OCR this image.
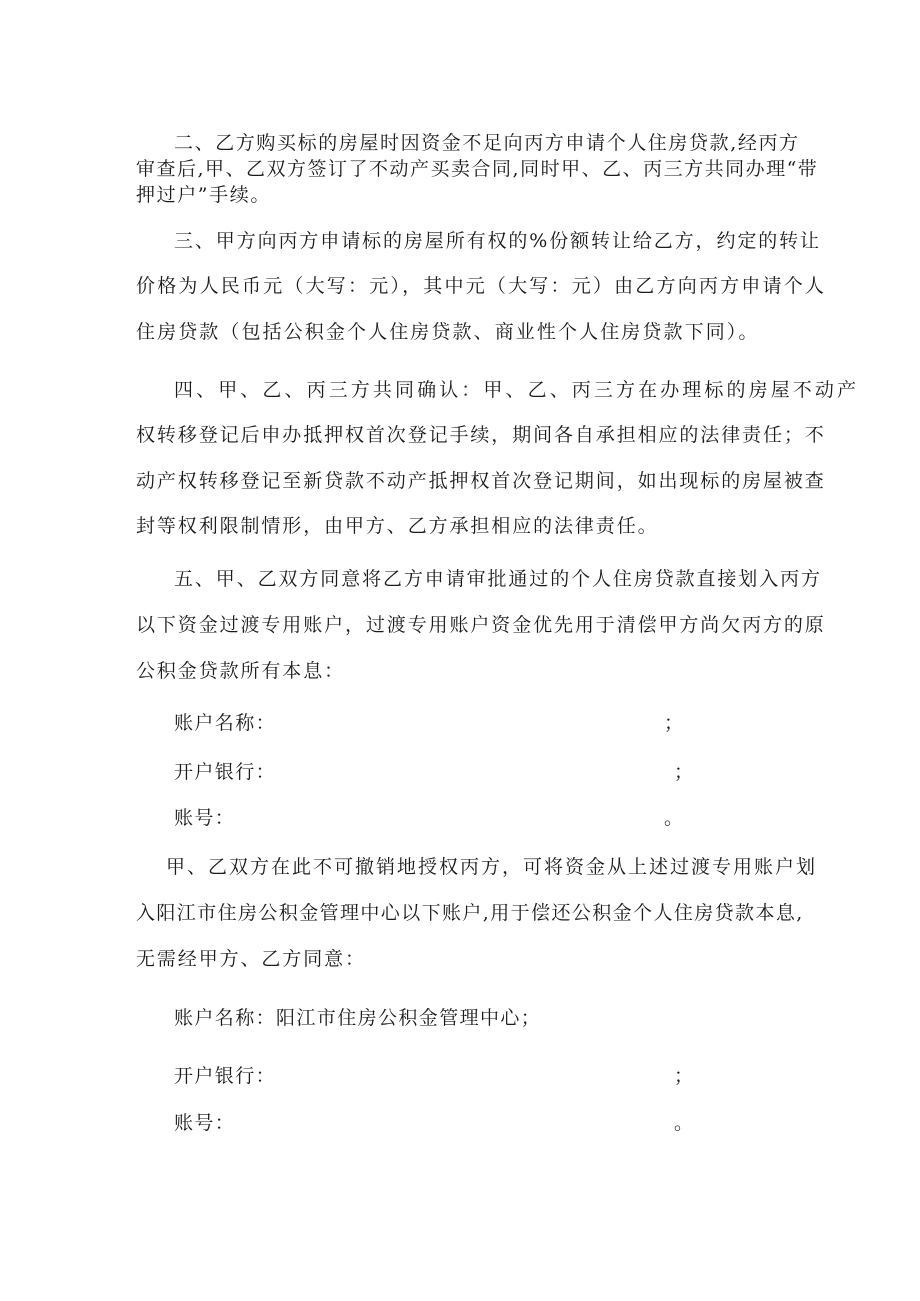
二、乙方购买标的房屋时因资金不足向丙方申请个人住房贷款,经丙方
审查后,甲、乙双方签订了不动产买卖合同,同时甲、乙、丙三方共同办理“带
押过户”手续。
三、甲方向丙方申请标的房屋所有权的%份额转让给乙方，约定的转让
价格为人民币元（大写：元），其中元（大写：元）由乙方向丙方申请个人
住房贷款（包括公积金个人住房贷款、商业性个人住房贷款下同）。
四、甲、乙、丙三方共同确认：甲、乙、丙三方在办理标的房屋不动产
权转移登记后申办抵押权首次登记手续，期间各自承担相应的法律责任；不
动产权转移登记至新贷款不动产抵押权首次登记期间，如出现标的房屋被查
封等权利限制情形，由甲方、乙方承担相应的法律责任。
五、甲、乙双方同意将乙方申请审批通过的个人住房贷款直接划入丙方
以下资金过渡专用账户，过渡专用账户资金优先用于清偿甲方尚欠丙方的原
公积金贷款所有本息：
账户名称：	；
开户银行：	；
账号：	。
甲、乙双方在此不可撤销地授权丙方，可将资金从上述过渡专用账户划
入阳江市住房公积金管理中心以下账户,用于偿还公积金个人住房贷款本息,
无需经甲方、乙方同意：
账户名称：阳江市住房公积金管理中心；
开户银行：	；
账号：	。
